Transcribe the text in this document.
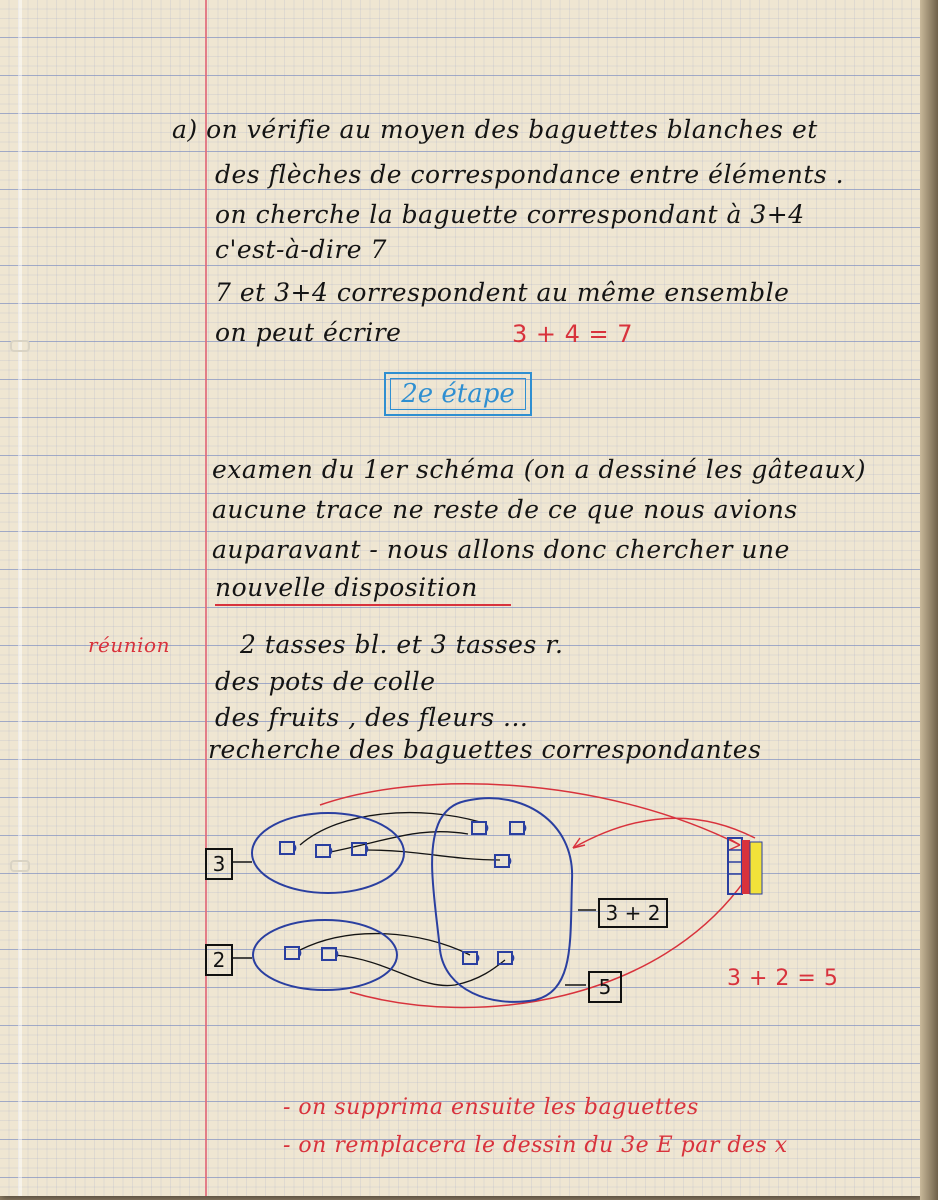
a) on vérifie au moyen des baguettes blanches et
des flèches de correspondance entre éléments .
on cherche la baguette correspondant à 3+4
c'est-à-dire 7
7 et 3+4 correspondent au même ensemble
on peut écrire	3 + 4 = 7
2e étape
examen du 1er schéma (on a dessiné les gâteaux)
aucune trace ne reste de ce que nous avions
auparavant - nous allons donc chercher une
nouvelle disposition
réunion	2 tasses bl. et 3 tasses r.
des pots de colle
des fruits , des fleurs ...
recherche des baguettes correspondantes
3
2
3 + 2
5	3 + 2 = 5
- on supprima ensuite les baguettes
- on remplacera le dessin du 3e E par des x
